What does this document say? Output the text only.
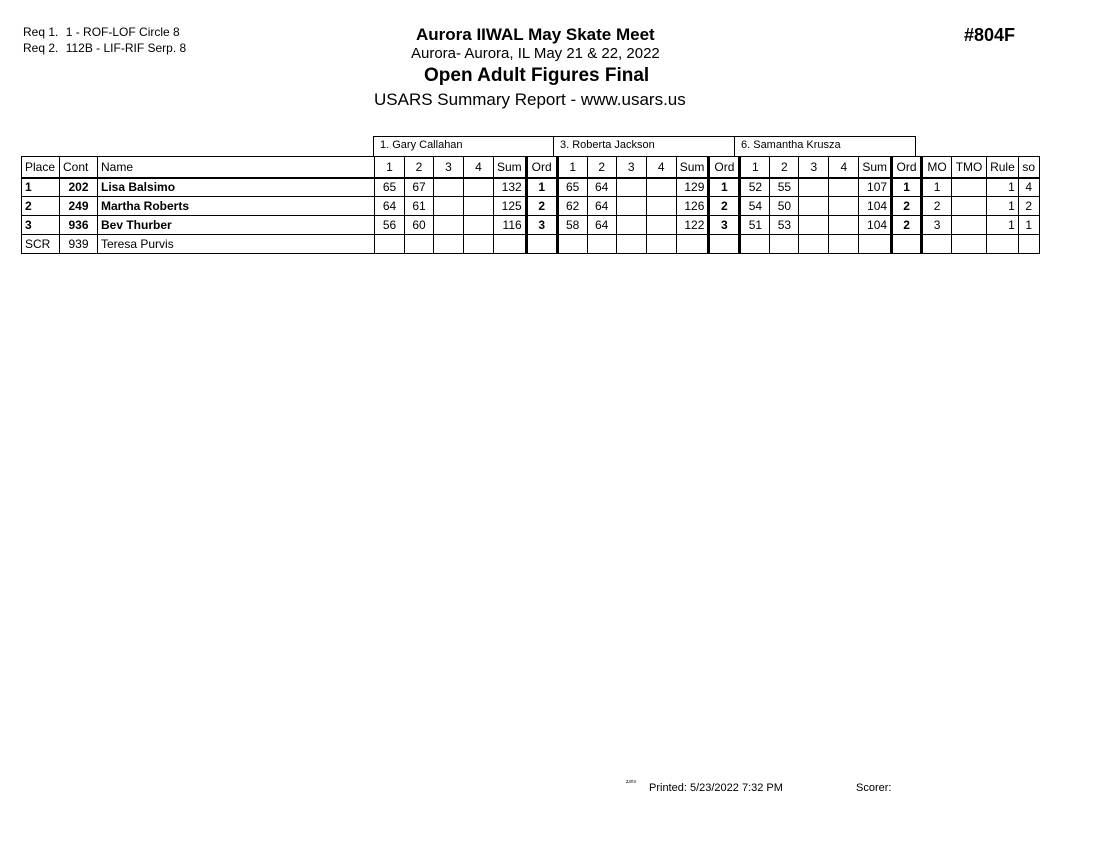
Req 1. 1 - ROF-LOF Circle 8
Req 2. 112B - LIF-RIF Serp. 8
Aurora IIWAL May Skate Meet
Aurora- Aurora, IL May 21 & 22, 2022
Open Adult Figures Final
USARS Summary Report - www.usars.us
#804F
1. Gary Callahan	3. Roberta Jackson	6. Samantha Krusza
Place	Cont	Name	1	2	3	4	Sum	Ord	1	2	3	4	Sum	Ord	1	2	3	4	Sum	Ord	MO	TMO	Rule	so
1	202	Lisa Balsimo	65	67			132	1	65	64			129	1	52	55			107	1	1		1	4
2	249	Martha Roberts	64	61			125	2	62	64			126	2	54	50			104	2	2		1	2
3	936	Bev Thurber	56	60			116	3	58	64			122	3	51	53			104	2	3		1	1
SCR	939	Teresa Purvis																						
²³⁰³ Printed: 5/23/2022 7:32 PM	Scorer:
